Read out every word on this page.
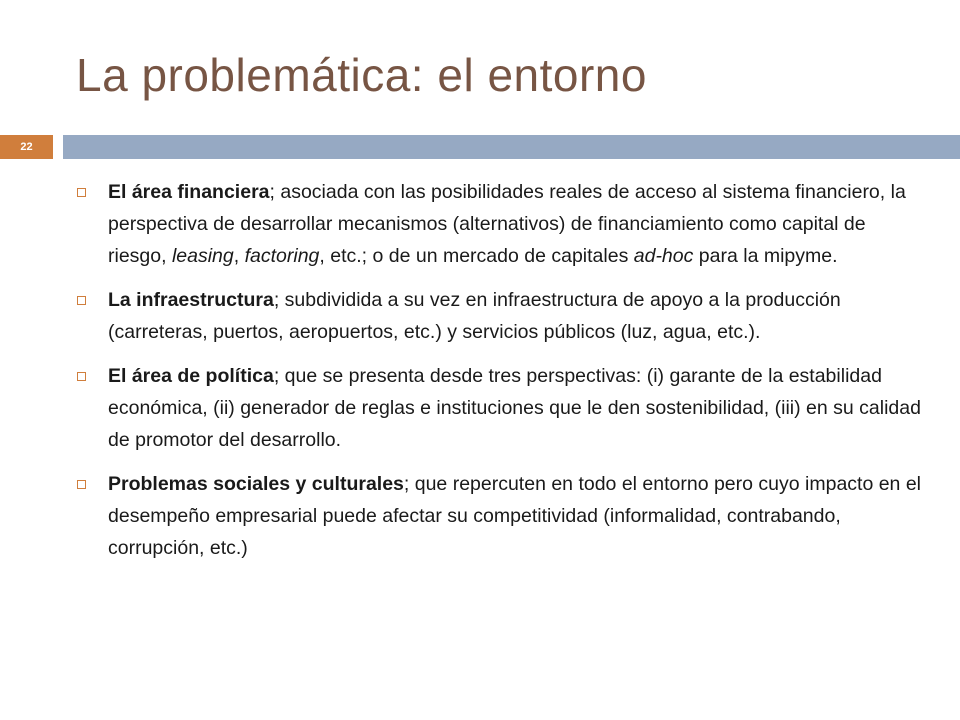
La problemática: el entorno
22
El área financiera; asociada con las posibilidades reales de acceso al sistema financiero, la perspectiva de desarrollar mecanismos (alternativos) de financiamiento como capital de riesgo, leasing, factoring, etc.; o de un mercado de capitales ad-hoc para la mipyme.
La infraestructura; subdividida a su vez en infraestructura de apoyo a la producción (carreteras, puertos, aeropuertos, etc.) y servicios públicos (luz, agua, etc.).
El área de política; que se presenta desde tres perspectivas: (i) garante de la estabilidad económica, (ii) generador de reglas e instituciones que le den sostenibilidad, (iii) en su calidad de promotor del desarrollo.
Problemas sociales y culturales; que repercuten en todo el entorno pero cuyo impacto en el desempeño empresarial puede afectar su competitividad (informalidad, contrabando, corrupción, etc.)
